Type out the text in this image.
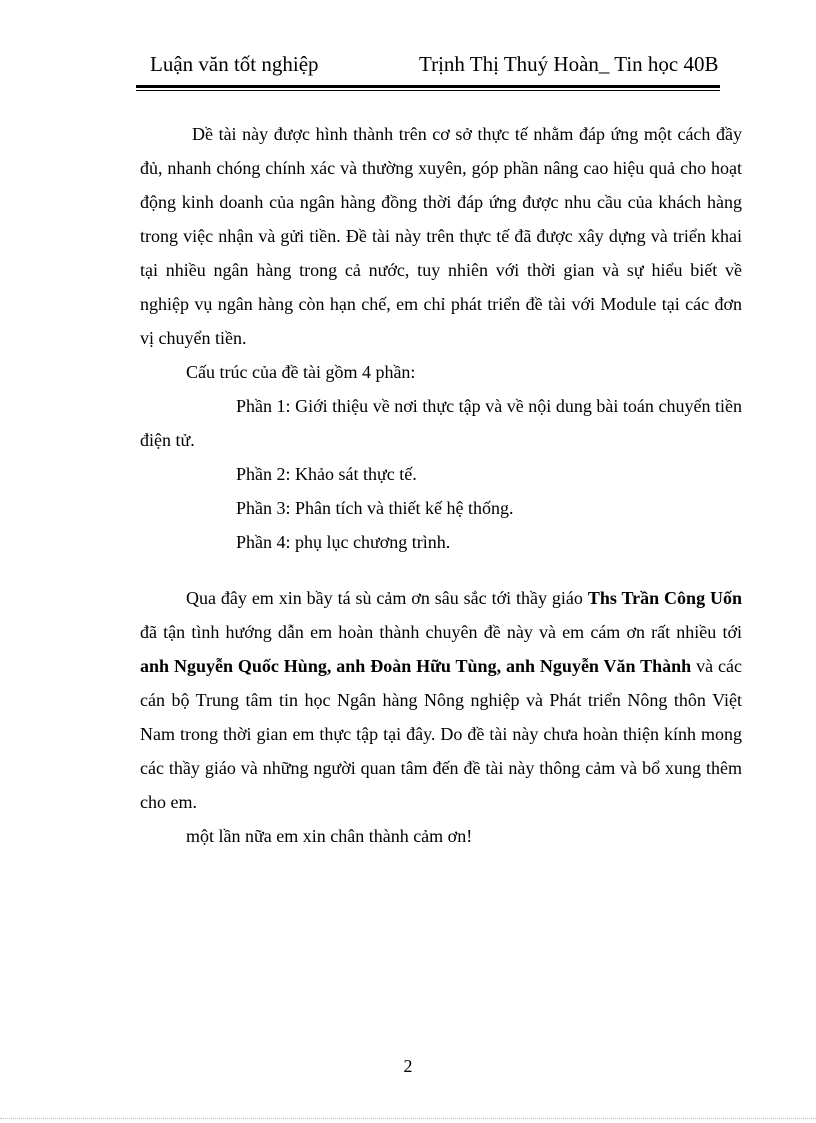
Luận văn tốt nghiệp	Trịnh Thị Thuý Hoàn_ Tin học 40B

Dề tài này được hình thành trên cơ sở thực tế nhằm đáp ứng một cách đầy đủ, nhanh chóng chính xác và thường xuyên, góp phần nâng cao hiệu quả cho hoạt động kinh doanh của ngân hàng đồng thời đáp ứng được nhu cầu của khách hàng trong việc nhận và gửi tiền. Đề tài này trên thực tế đã được xây dựng và triển khai tại nhiều ngân hàng trong cả nước, tuy nhiên với thời gian và sự hiểu biết về nghiệp vụ ngân hàng còn hạn chế, em chỉ phát triển đề tài với Module tại các đơn vị chuyển tiền.

Cấu trúc của đề tài gồm 4 phần:

Phần 1: Giới thiệu về nơi thực tập và về nội dung bài toán chuyển tiền điện tử.

Phần 2: Khảo sát thực tế.

Phần 3: Phân tích và thiết kế hệ thống.

Phần 4: phụ lục chương trình.

Qua đây em xin bầy tá sù cảm ơn sâu sắc tới thầy giáo Ths Trần Công Uốn đã tận tình hướng dẫn em hoàn thành chuyên đề này và em cám ơn rất nhiều tới anh Nguyễn Quốc Hùng, anh Đoàn Hữu Tùng, anh Nguyễn Văn Thành và các cán bộ Trung tâm tin học Ngân hàng Nông nghiệp và Phát triển Nông thôn Việt Nam trong thời gian em thực tập tại đây. Do đề tài này chưa hoàn thiện kính mong các thầy giáo và những người quan tâm đến đề tài này thông cảm và bổ xung thêm cho em.

một lần nữa em xin chân thành cảm ơn!

2
